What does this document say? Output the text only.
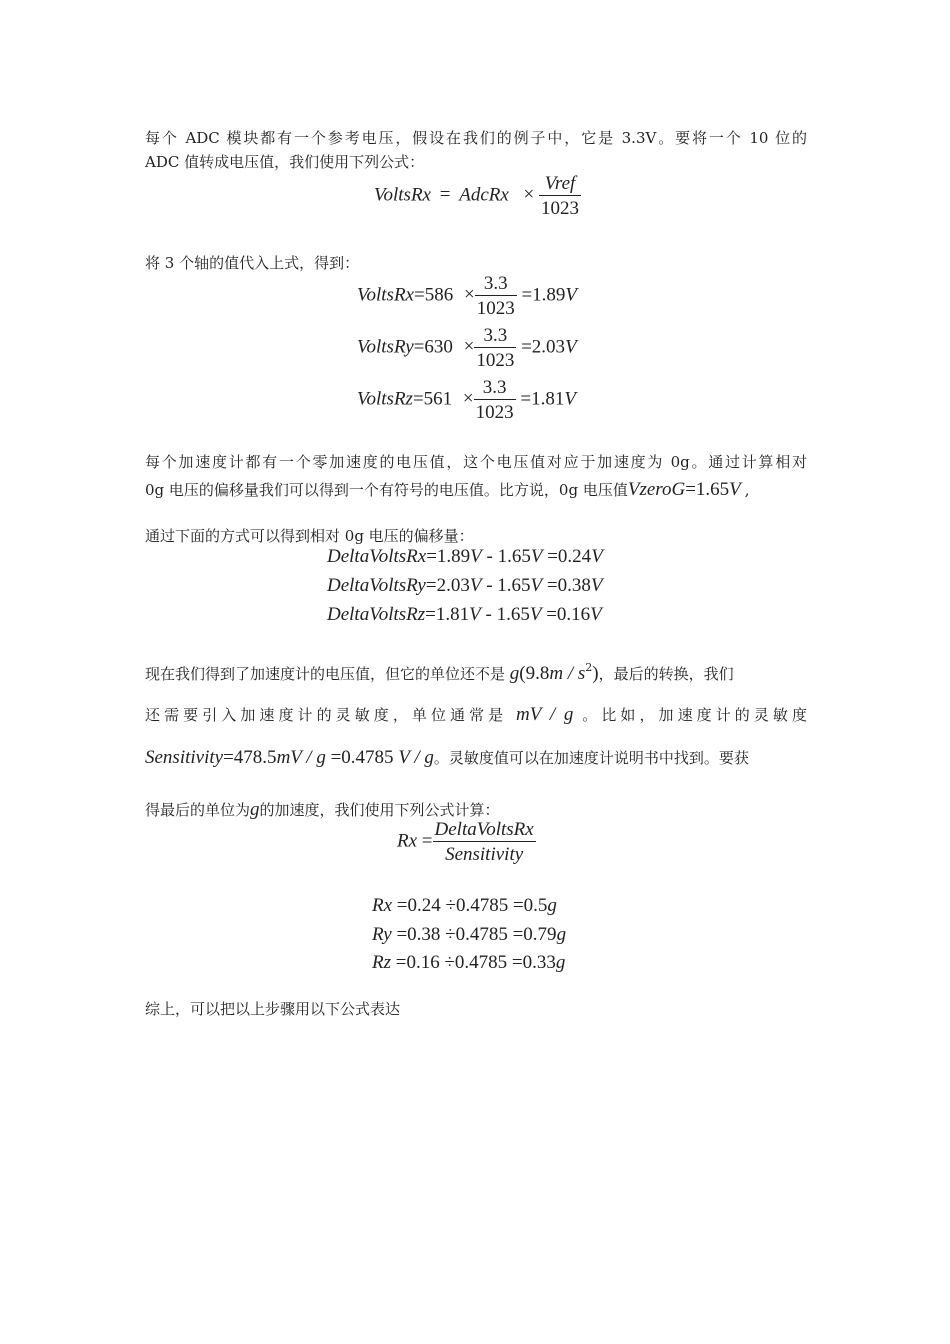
每个 ADC 模块都有一个参考电压，假设在我们的例子中，它是 3.3V。要将一个 10 位的

ADC 值转成电压值，我们使用下列公式：

VoltsRx = AdcRx × $\frac{\text{Vref}}{1023}$

将 3 个轴的值代入上式，得到：

VoltsRx=586 × $\frac{3.3}{1023} =1.89V$
VoltsRy=630 × $\frac{3.3}{1023} =2.03V$
VoltsRz=561 × $\frac{3.3}{1023} =1.81V$

每个加速度计都有一个零加速度的电压值，这个电压值对应于加速度为 0g。通过计算相对

0g 电压的偏移量我们可以得到一个有符号的电压值。比方说，0g 电压值VzeroG=1.65V ,

通过下面的方式可以得到相对 0g 电压的偏移量：

DeltaVoltsRx=1.89V - 1.65V =0.24V
DeltaVoltsRy=2.03V - 1.65V =0.38V
DeltaVoltsRz=1.81V - 1.65V =0.16V

现在我们得到了加速度计的电压值，但它的单位还不是 $g(9.8m / s^2)$，最后的转换，我们

还需要引入加速度计的灵敏度，单位通常是 mV / g 。比如，加速度计的灵敏度

Sensitivity=478.5mV / g =0.4785 V / g。灵敏度值可以在加速度计说明书中找到。要获

得最后的单位为g的加速度，我们使用下列公式计算：

$Rx = \frac{\text{DeltaVoltsRx}}{\text{Sensitivity}}$
Rx =0.24 ÷0.4785 =0.5g
Ry =0.38 ÷0.4785 =0.79g
Rz =0.16 ÷0.4785 =0.33g

综上，可以把以上步骤用以下公式表达
